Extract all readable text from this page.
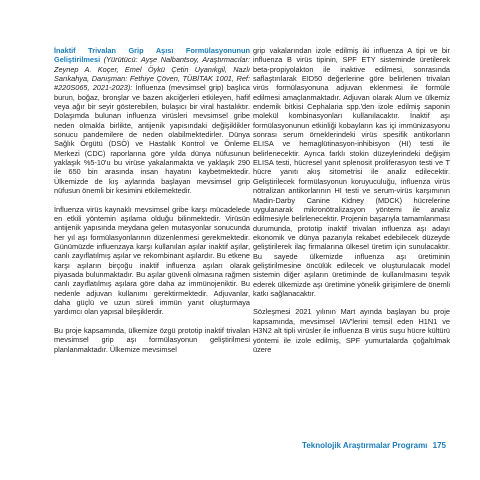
İnaktif Trivalan Grip Aşısı Formülasyonunun Geliştirilmesi (Yürütücü: Ayşe Nalbantsoy, Araştırmacılar: Zeynep A. Koçer, Emel Öykü Çetin Uyanıkgil, Nazlı Sarıkahya, Danışman: Fethiye Çöven, TÜBİTAK 1001, Ref: #220S065, 2021-2023): İnfluenza (mevsimsel grip) başlıca burun, boğaz, bronşlar ve bazen akciğerleri etkileyen, hafif veya ağır bir seyir gösterebilen, bulaşıcı bir viral hastalıktır. Dolaşımda bulunan influenza virüsleri mevsimsel gribe neden olmakla birlikte, antijenik yapısındaki değişiklikler sonucu pandemilere de neden olabilmektedirler. Dünya Sağlık Örgütü (DSÖ) ve Hastalık Kontrol ve Önleme Merkezi (CDC) raporlarına göre yılda dünya nüfusunun yaklaşık %5-10'u bu virüse yakalanmakta ve yaklaşık 290 ile 650 bin arasında insan hayatını kaybetmektedir. Ülkemizde de kış aylarında başlayan mevsimsel grip nüfusun önemli bir kesimini etkilemektedir.

İnfluenza virüs kaynaklı mevsimsel gribe karşı mücadelede en etkili yöntemin aşılama olduğu bilinmektedir. Virüsün antijenik yapısında meydana gelen mutasyonlar sonucunda her yıl aşı formülasyonlarının düzenlenmesi gerekmektedir. Günümüzde influenzaya karşı kullanılan aşılar inaktif aşılar, canlı zayıflatılmış aşılar ve rekombinant aşılardır. Bu etkene karşı aşıların birçoğu inaktif influenza aşıları olarak piyasada bulunmaktadır. Bu aşılar güvenli olmasına rağmen canlı zayıflatılmış aşılara göre daha az immünojeniktir. Bu nedenle adjuvan kullanımı gerektirmektedir. Adjuvanlar, daha güçlü ve uzun süreli immün yanıt oluşturmaya yardımcı olan yapısal bileşiklerdir.

Bu proje kapsamında, ülkemize özgü prototip inaktif trivalan mevsimsel grip aşı formülasyonun geliştirilmesi planlanmaktadır. Ülkemize mevsimsel

grip vakalarından izole edilmiş iki influenza A tipi ve bir influenza B virüs tipinin, SPF ETY sisteminde üretilerek beta-propiyolakton ile inaktive edilmesi, sonrasında saflaştırılarak EID50 değerlerine göre belirlenen trivalan virüs formülasyonuna adjuvan eklenmesi ile formüle edilmesi amaçlanmaktadır. Adjuvan olarak Alum ve ülkemiz endemik bitkisi Cephalaria spp.'den izole edilmiş saponin molekül kombinasyonları kullanılacaktır. İnaktif aşı formülasyonunun etkinliği kobayların kas içi immünizasyonu sonrası serum örneklerindeki virüs spesifik antikorların ELISA ve hemaglütinasyon-inhibisyon (HI) testi ile belirlenecektir. Ayrıca farklı stokin düzeylerindeki değişim ELISA testi, hücresel yanıt splenosit proliferasyon testi ve T hücre yanıtı akış sitometrisi ile analiz edilecektir. Geliştirilecek formülasyonun koruyuculuğu, influenza virüs nötralizan antikorlarının HI testi ve serum-virüs karşımının Madin-Darby Canine Kidney (MDCK) hücrelerine uygulanarak mikronötralizasyon yöntemi ile analiz edilmesiyle belirlenecektir. Projenin başarıyla tamamlanması durumunda, prototip inaktif trivalan influenza aşı adayı ekonomik ve dünya pazarıyla rekabet edebilecek düzeyde geliştirilerek ilaç firmalarına ülkesel üretim için sunulacaktır. Bu sayede ülkemizde influenza aşı üretiminin geliştirilmesine öncülük edilecek ve oluşturulacak model sistemin diğer aşıların üretiminde de kullanılmasını teşvik ederek ülkemizde aşı üretimine yönelik girişimlere de önemli katkı sağlanacaktır.

Sözleşmesi 2021 yılının Mart ayında başlayan bu proje kapsamında, mevsimsel IAV'lerini temsil eden H1N1 ve H3N2 alt tipli virüsler ile influenza B virüs suşu hücre kültürü yöntemi ile izole edilmiş, SPF yumurtalarda çoğaltılmak üzere

Teknolojik Araştırmalar Programı 175
